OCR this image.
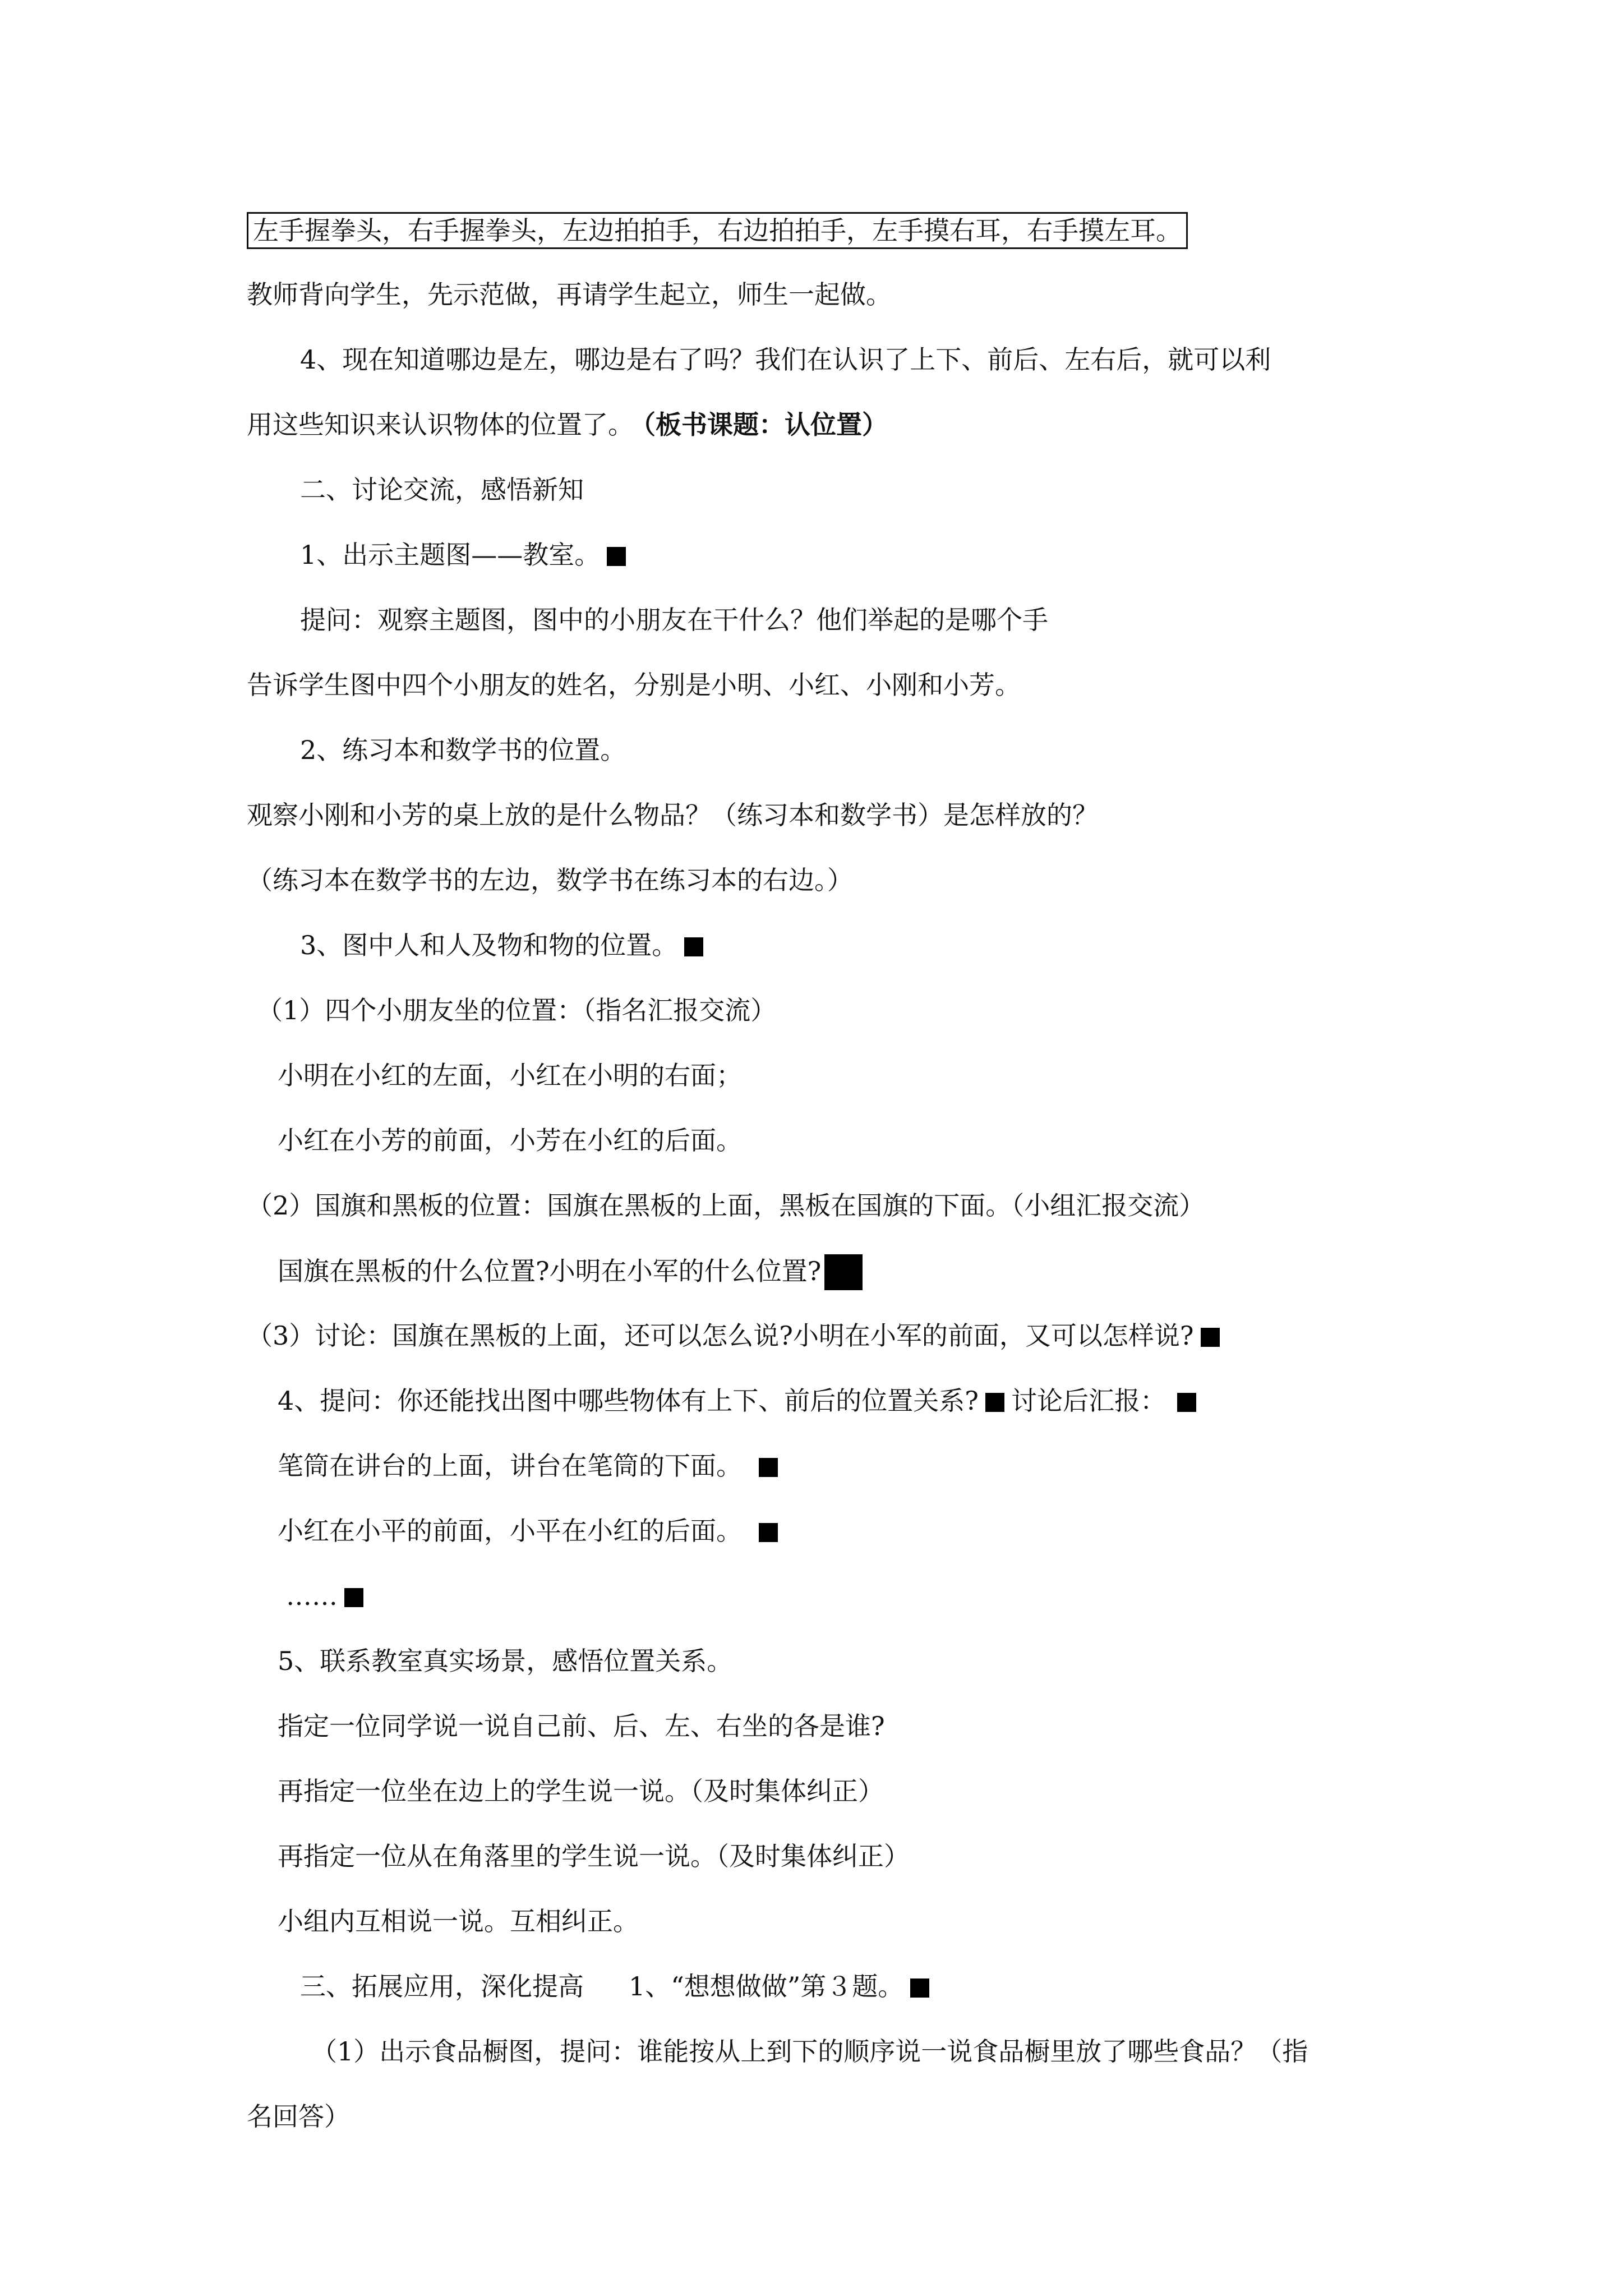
左手握拳头，右手握拳头，左边拍拍手，右边拍拍手，左手摸右耳，右手摸左耳。
教师背向学生，先示范做，再请学生起立，师生一起做。
4、现在知道哪边是左，哪边是右了吗？我们在认识了上下、前后、左右后，就可以利
用这些知识来认识物体的位置了。 （板书课题：认位置）
二、讨论交流，感悟新知
1、出示主题图——教室。
提问：观察主题图，图中的小朋友在干什么？他们举起的是哪个手
告诉学生图中四个小朋友的姓名，分别是小明、小红、小刚和小芳。
2、练习本和数学书的位置。
观察小刚和小芳的桌上放的是什么物品？（练习本和数学书）是怎样放的？
（练习本在数学书的左边，数学书在练习本的右边。）
3、图中人和人及物和物的位置。
（1）四个小朋友坐的位置：（指名汇报交流）
小明在小红的左面，小红在小明的右面；
小红在小芳的前面，小芳在小红的后面。
（2）国旗和黑板的位置：国旗在黑板的上面，黑板在国旗的下面。（小组汇报交流）
国旗在黑板的什么位置?小明在小军的什么位置?
（3）讨论：国旗在黑板的上面，还可以怎么说?小明在小军的前面，又可以怎样说?
4、提问：你还能找出图中哪些物体有上下、前后的位置关系? 讨论后汇报：
笔筒在讲台的上面，讲台在笔筒的下面。
小红在小平的前面，小平在小红的后面。
……
5、联系教室真实场景，感悟位置关系。
指定一位同学说一说自己前、后、左、右坐的各是谁?
再指定一位坐在边上的学生说一说。（及时集体纠正）
再指定一位从在角落里的学生说一说。（及时集体纠正）
小组内互相说一说。互相纠正。
三、拓展应用，深化提高 1、“想想做做”第３题。
（1）出示食品橱图，提问：谁能按从上到下的顺序说一说食品橱里放了哪些食品？（指
名回答）
